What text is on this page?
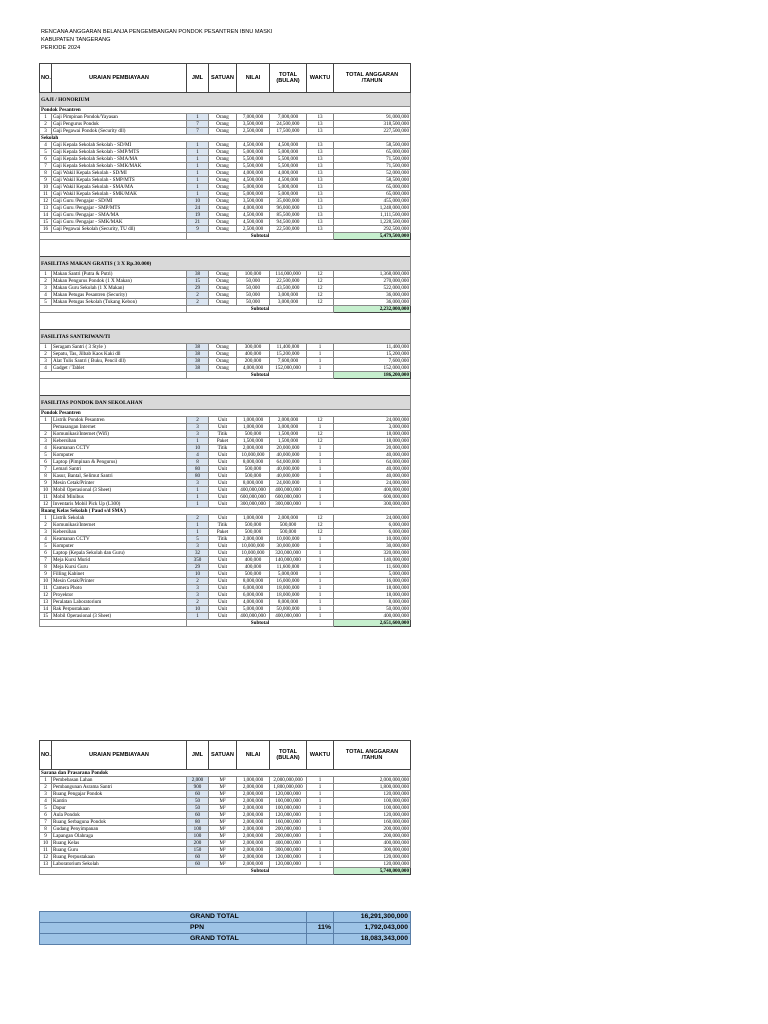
RENCANA ANGGARAN BELANJA PENGEMBANGAN PONDOK PESANTREN IBNU MASKI
KABUPATEN TANGERANG
PERIODE 2024
NO.	URAIAN PEMBIAYAAN	JML	SATUAN	NILAI	TOTAL (BULAN)	WAKTU	TOTAL ANGGARAN /TAHUN
GAJI / HONORIUM							
Pondok Pesantren							
1	Gaji Pimpinan Pondok/Yayasan	1	Orang	7,000,000	7,000,000	13	91,000,000
2	Gaji Pengurus Pondok	7	Orang	3,500,000	24,500,000	13	318,500,000
3	Gaji Pegawai Pondok (Security dll)	7	Orang	2,500,000	17,500,000	13	227,500,000
Sekolah							
4	Gaji Kepala Sekolah Sekolah - SD/MI	1	Orang	4,500,000	4,500,000	13	58,500,000
5	Gaji Kepala Sekolah Sekolah - SMP/MTS	1	Orang	5,000,000	5,000,000	13	65,000,000
6	Gaji Kepala Sekolah Sekolah - SMA/MA	1	Orang	5,500,000	5,500,000	13	71,500,000
7	Gaji Kepala Sekolah Sekolah - SMK/MAK	1	Orang	5,500,000	5,500,000	13	71,500,000
8	Gaji Wakil Kepala Sekolah - SD/MI	1	Orang	4,000,000	4,000,000	13	52,000,000
9	Gaji Wakil Kepala Sekolah - SMP/MTS	1	Orang	4,500,000	4,500,000	13	58,500,000
10	Gaji Wakil Kepala Sekolah - SMA/MA	1	Orang	5,000,000	5,000,000	13	65,000,000
11	Gaji Wakil Kepala Sekolah - SMK/MAK	1	Orang	5,000,000	5,000,000	13	65,000,000
12	Gaji Guru /Pengajar - SD/MI	10	Orang	3,500,000	35,000,000	13	455,000,000
13	Gaji Guru /Pengajar - SMP/MTS	24	Orang	4,000,000	96,000,000	13	1,248,000,000
14	Gaji Guru /Pengajar - SMA/MA	19	Orang	4,500,000	85,500,000	13	1,111,500,000
15	Gaji Guru /Pengajar - SMK/MAK	21	Orang	4,500,000	94,500,000	13	1,228,500,000
16	Gaji Pegawai Sekolah (Security, TU dll)	9	Orang	2,500,000	22,500,000	13	292,500,000
		Subtotal					5,479,500,000

FASILITAS MAKAN GRATIS ( 3 X Rp.30.000)							
1	Makan Santri (Putra & Putri)	38	Orang	100,000	114,000,000	12	1,368,000,000
2	Makan Pengurus Pondok (1 X Makan)	15	Orang	50,000	22,500,000	12	270,000,000
3	Makan Guru Sekolah (1 X Makan)	29	Orang	50,000	43,500,000	12	522,000,000
4	Makan Petugas Pesantren (Security)	2	Orang	50,000	3,000,000	12	36,000,000
5	Makan Petugas Sekolah (Tukang Kebon)	2	Orang	50,000	3,000,000	12	36,000,000
		Subtotal					2,232,000,000

FASILITAS SANTRIWAN/TI							
1	Seragam Santri ( 3 Style )	38	Orang	300,000	11,400,000	1	11,400,000
2	Sepatu, Tas, Jilbab Kaos Kaki dll	38	Orang	400,000	15,200,000	1	15,200,000
3	Alat Tulis Santri ( Buku, Pencil dll)	38	Orang	200,000	7,600,000	1	7,600,000
4	Gadget / Tablet	38	Orang	4,000,000	152,000,000	1	152,000,000
		Subtotal					186,200,000

FASILITAS PONDOK DAN SEKOLAHAN							
Pondok Pesantren							
1	Listrik Pondok Pesantren	2	Unit	1,000,000	2,000,000	12	24,000,000
	Pemasangan Internet	3	Unit	1,000,000	3,000,000	1	3,000,000
2	Komunikasi/Internet (Wifi)	3	Titik	500,000	1,500,000	12	18,000,000
3	Kebersihan	1	Paket	1,500,000	1,500,000	12	18,000,000
4	Keamanan CCTV	10	Titik	2,000,000	20,000,000	1	20,000,000
5	Komputer	4	Unit	10,000,000	40,000,000	1	40,000,000
6	Laptop (Pimpinan & Pengurus)	8	Unit	8,000,000	64,000,000	1	64,000,000
7	Lemari Santri	80	Unit	500,000	40,000,000	1	40,000,000
8	Kasur, Bantal, Selimut Santri	80	Unit	500,000	40,000,000	1	40,000,000
9	Mesin Cetak/Printer	3	Unit	8,000,000	24,000,000	1	24,000,000
10	Mobil Operasional (3 Sheet)	1	Unit	400,000,000	400,000,000	1	400,000,000
11	Mobil Minibus	1	Unit	600,000,000	600,000,000	1	600,000,000
12	Inventaris Mobil Pick Up (L300)	1	Unit	300,000,000	300,000,000	1	300,000,000
Ruang Kelas Sekolah ( Paud s/d SMA )							
1	Listrik Sekolah	2	Unit	1,000,000	2,000,000	12	24,000,000
2	Komunikasi/Internet	1	Titik	500,000	500,000	12	6,000,000
3	Kebersihan	1	Paket	500,000	500,000	12	6,000,000
4	Keamanan CCTV	5	Titik	2,000,000	10,000,000	1	10,000,000
5	Komputer	3	Unit	10,000,000	30,000,000	1	30,000,000
6	Laptop (Kepala Sekolah dan Guru)	32	Unit	10,000,000	320,000,000	1	320,000,000
7	Meja Kursi Murid	350	Unit	400,000	140,000,000	1	140,000,000
8	Meja Kursi Guru	29	Unit	400,000	11,600,000	1	11,600,000
9	Filling Kabinet	10	Unit	500,000	5,000,000	1	5,000,000
10	Mesin Cetak/Printer	2	Unit	8,000,000	16,000,000	1	16,000,000
11	Camera Photo	3	Unit	6,000,000	18,000,000	1	18,000,000
12	Proyektor	3	Unit	6,000,000	18,000,000	1	18,000,000
13	Peralatan Laboratorium	2	Unit	4,000,000	8,000,000	1	8,000,000
14	Rak Perpustakaan	10	Unit	5,000,000	50,000,000	1	50,000,000
15	Mobil Operasional (3 Sheet)	1	Unit	400,000,000	400,000,000	1	400,000,000
		Subtotal					2,651,600,000
NO.	URAIAN PEMBIAYAAN	JML	SATUAN	NILAI	TOTAL (BULAN)	WAKTU	TOTAL ANGGARAN /TAHUN
Sarana dan Prasarana Pondok							
1	Pembebasan Lahan	2,000	M²	1,000,000	2,000,000,000	1	2,000,000,000
2	Pembangunan Asrama Santri	900	M²	2,000,000	1,800,000,000	1	1,800,000,000
3	Ruang Pengajar Pondok	60	M²	2,000,000	120,000,000	1	120,000,000
4	Kantin	50	M²	2,000,000	100,000,000	1	100,000,000
5	Dapur	50	M²	2,000,000	100,000,000	1	100,000,000
6	Aula Pondok	60	M²	2,000,000	120,000,000	1	120,000,000
7	Ruang Serbaguna Pondok	80	M²	2,000,000	160,000,000	1	160,000,000
8	Gudang Penyimpanan	100	M²	2,000,000	200,000,000	1	200,000,000
9	Lapangan Olahraga	100	M²	2,000,000	200,000,000	1	200,000,000
10	Ruang Kelas	200	M²	2,000,000	400,000,000	1	400,000,000
11	Ruang Guru	150	M²	2,000,000	300,000,000	1	300,000,000
12	Ruang Perpustakaan	60	M²	2,000,000	120,000,000	1	120,000,000
13	Laboratorium Sekolah	60	M²	2,000,000	120,000,000	1	120,000,000
		Subtotal					5,740,000,000
GRAND TOTAL		16,291,300,000
PPN	11%	1,792,043,000
GRAND TOTAL		18,083,343,000
